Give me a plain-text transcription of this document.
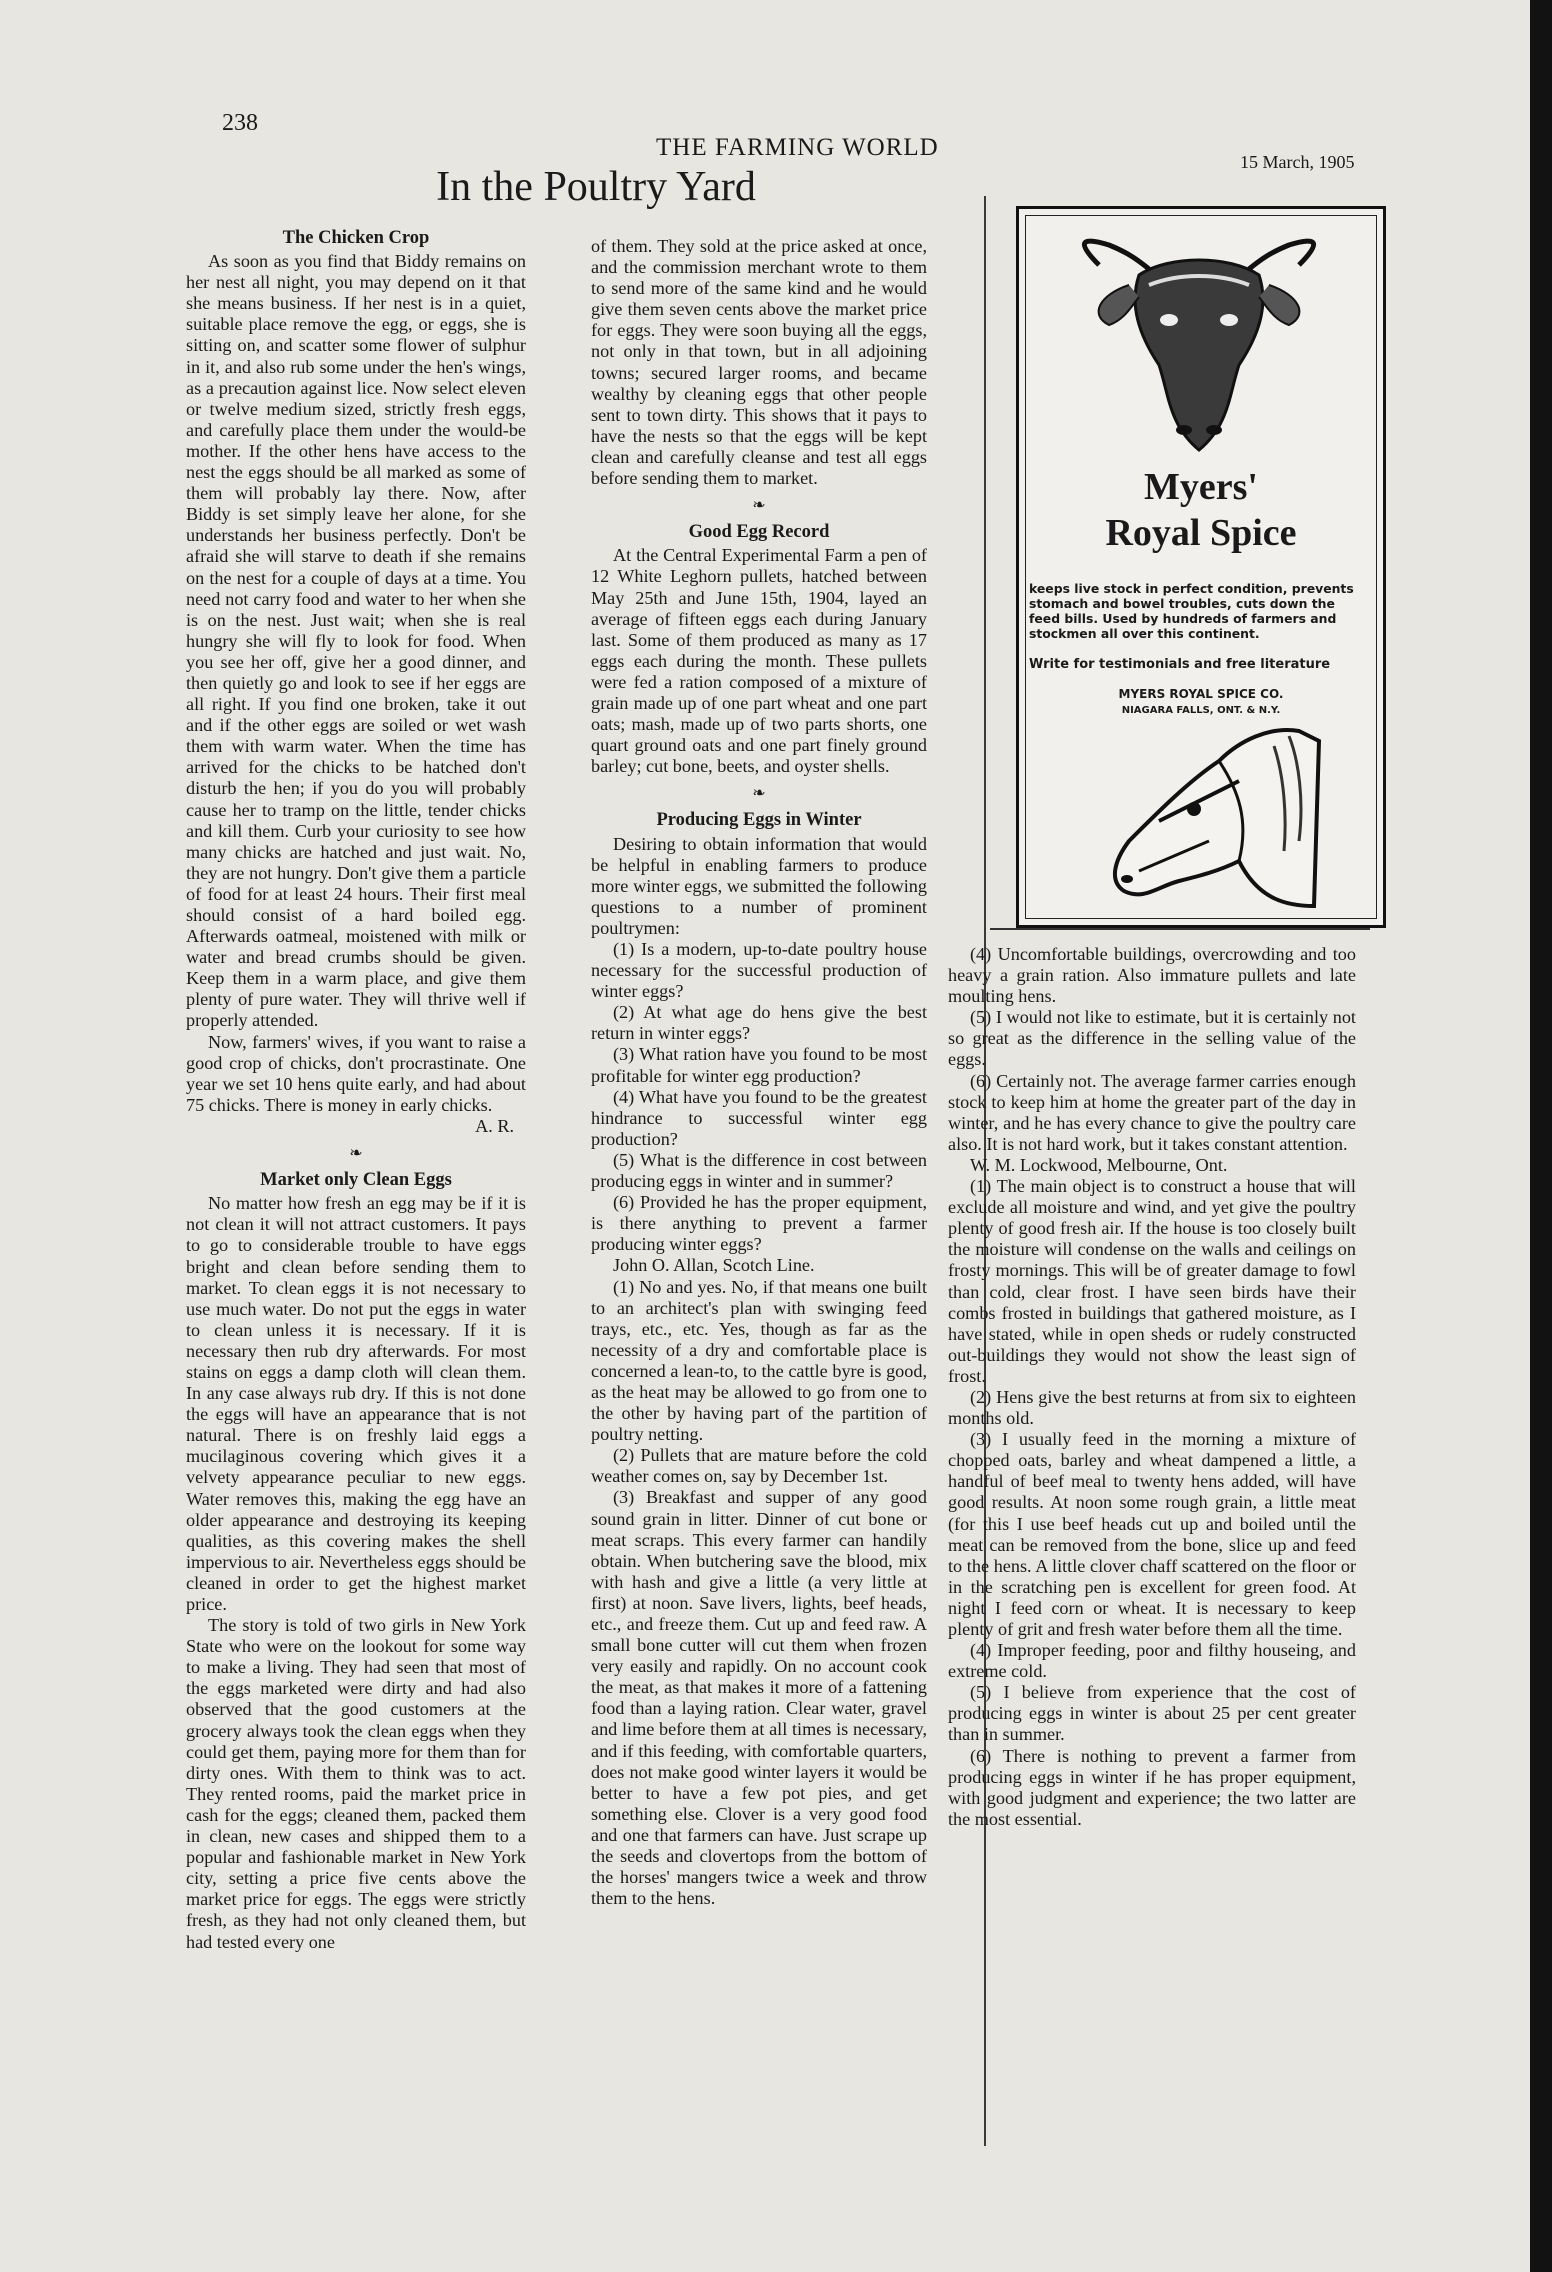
238
THE FARMING WORLD
15 March, 1905
In the Poultry Yard
The Chicken Crop

As soon as you find that Biddy remains on her nest all night, you may depend on it that she means business. If her nest is in a quiet, suitable place remove the egg, or eggs, she is sitting on, and scatter some flower of sulphur in it, and also rub some under the hen's wings, as a precaution against lice. Now select eleven or twelve medium sized, strictly fresh eggs, and carefully place them under the would-be mother. If the other hens have access to the nest the eggs should be all marked as some of them will probably lay there. Now, after Biddy is set simply leave her alone, for she understands her business perfectly. Don't be afraid she will starve to death if she remains on the nest for a couple of days at a time. You need not carry food and water to her when she is on the nest. Just wait; when she is real hungry she will fly to look for food. When you see her off, give her a good dinner, and then quietly go and look to see if her eggs are all right. If you find one broken, take it out and if the other eggs are soiled or wet wash them with warm water. When the time has arrived for the chicks to be hatched don't disturb the hen; if you do you will probably cause her to tramp on the little, tender chicks and kill them. Curb your curiosity to see how many chicks are hatched and just wait. No, they are not hungry. Don't give them a particle of food for at least 24 hours. Their first meal should consist of a hard boiled egg. Afterwards oatmeal, moistened with milk or water and bread crumbs should be given. Keep them in a warm place, and give them plenty of pure water. They will thrive well if properly attended.

Now, farmers' wives, if you want to raise a good crop of chicks, don't procrastinate. One year we set 10 hens quite early, and had about 75 chicks. There is money in early chicks.

A. R.
❧
Market only Clean Eggs

No matter how fresh an egg may be if it is not clean it will not attract customers. It pays to go to considerable trouble to have eggs bright and clean before sending them to market. To clean eggs it is not necessary to use much water. Do not put the eggs in water to clean unless it is necessary. If it is necessary then rub dry afterwards. For most stains on eggs a damp cloth will clean them. In any case always rub dry. If this is not done the eggs will have an appearance that is not natural. There is on freshly laid eggs a mucilaginous covering which gives it a velvety appearance peculiar to new eggs. Water removes this, making the egg have an older appearance and destroying its keeping qualities, as this covering makes the shell impervious to air. Nevertheless eggs should be cleaned in order to get the highest market price.

The story is told of two girls in New York State who were on the lookout for some way to make a living. They had seen that most of the eggs marketed were dirty and had also observed that the good customers at the grocery always took the clean eggs when they could get them, paying more for them than for dirty ones. With them to think was to act. They rented rooms, paid the market price in cash for the eggs; cleaned them, packed them in clean, new cases and shipped them to a popular and fashionable market in New York city, setting a price five cents above the market price for eggs. The eggs were strictly fresh, as they had not only cleaned them, but had tested every one

of them. They sold at the price asked at once, and the commission merchant wrote to them to send more of the same kind and he would give them seven cents above the market price for eggs. They were soon buying all the eggs, not only in that town, but in all adjoining towns; secured larger rooms, and became wealthy by cleaning eggs that other people sent to town dirty. This shows that it pays to have the nests so that the eggs will be kept clean and carefully cleanse and test all eggs before sending them to market.

❧
Good Egg Record

At the Central Experimental Farm a pen of 12 White Leghorn pullets, hatched between May 25th and June 15th, 1904, layed an average of fifteen eggs each during January last. Some of them produced as many as 17 eggs each during the month. These pullets were fed a ration composed of a mixture of grain made up of one part wheat and one part oats; mash, made up of two parts shorts, one quart ground oats and one part finely ground barley; cut bone, beets, and oyster shells.

❧
Producing Eggs in Winter

Desiring to obtain information that would be helpful in enabling farmers to produce more winter eggs, we submitted the following questions to a number of prominent poultrymen:

(1) Is a modern, up-to-date poultry house necessary for the successful production of winter eggs?

(2) At what age do hens give the best return in winter eggs?

(3) What ration have you found to be most profitable for winter egg production?

(4) What have you found to be the greatest hindrance to successful winter egg production?

(5) What is the difference in cost between producing eggs in winter and in summer?

(6) Provided he has the proper equipment, is there anything to prevent a farmer producing winter eggs?

John O. Allan, Scotch Line.

(1) No and yes. No, if that means one built to an architect's plan with swinging feed trays, etc., etc. Yes, though as far as the necessity of a dry and comfortable place is concerned a lean-to, to the cattle byre is good, as the heat may be allowed to go from one to the other by having part of the partition of poultry netting.

(2) Pullets that are mature before the cold weather comes on, say by December 1st.

(3) Breakfast and supper of any good sound grain in litter. Dinner of cut bone or meat scraps. This every farmer can handily obtain. When butchering save the blood, mix with hash and give a little (a very little at first) at noon. Save livers, lights, beef heads, etc., and freeze them. Cut up and feed raw. A small bone cutter will cut them when frozen very easily and rapidly. On no account cook the meat, as that makes it more of a fattening food than a laying ration. Clear water, gravel and lime before them at all times is necessary, and if this feeding, with comfortable quarters, does not make good winter layers it would be better to have a few pot pies, and get something else. Clover is a very good food and one that farmers can have. Just scrape up the seeds and clovertops from the bottom of the horses' mangers twice a week and throw them to the hens.

Myers'
Royal Spice
keeps live stock in perfect condition, prevents stomach and bowel troubles, cuts down the feed bills. Used by hundreds of farmers and stockmen all over this continent.
Write for testimonials and free literature
MYERS ROYAL SPICE CO.
NIAGARA FALLS, ONT. & N.Y.

(4) Uncomfortable buildings, overcrowding and too heavy a grain ration. Also immature pullets and late moulting hens.

(5) I would not like to estimate, but it is certainly not so great as the difference in the selling value of the eggs.

(6) Certainly not. The average farmer carries enough stock to keep him at home the greater part of the day in winter, and he has every chance to give the poultry care also. It is not hard work, but it takes constant attention.

W. M. Lockwood, Melbourne, Ont.

(1) The main object is to construct a house that will exclude all moisture and wind, and yet give the poultry plenty of good fresh air. If the house is too closely built the moisture will condense on the walls and ceilings on frosty mornings. This will be of greater damage to fowl than cold, clear frost. I have seen birds have their combs frosted in buildings that gathered moisture, as I have stated, while in open sheds or rudely constructed out-buildings they would not show the least sign of frost.

(2) Hens give the best returns at from six to eighteen months old.

(3) I usually feed in the morning a mixture of chopped oats, barley and wheat dampened a little, a handful of beef meal to twenty hens added, will have good results. At noon some rough grain, a little meat (for this I use beef heads cut up and boiled until the meat can be removed from the bone, slice up and feed to the hens. A little clover chaff scattered on the floor or in the scratching pen is excellent for green food. At night I feed corn or wheat. It is necessary to keep plenty of grit and fresh water before them all the time.

(4) Improper feeding, poor and filthy houseing, and extreme cold.

(5) I believe from experience that the cost of producing eggs in winter is about 25 per cent greater than in summer.

(6) There is nothing to prevent a farmer from producing eggs in winter if he has proper equipment, with good judgment and experience; the two latter are the most essential.
